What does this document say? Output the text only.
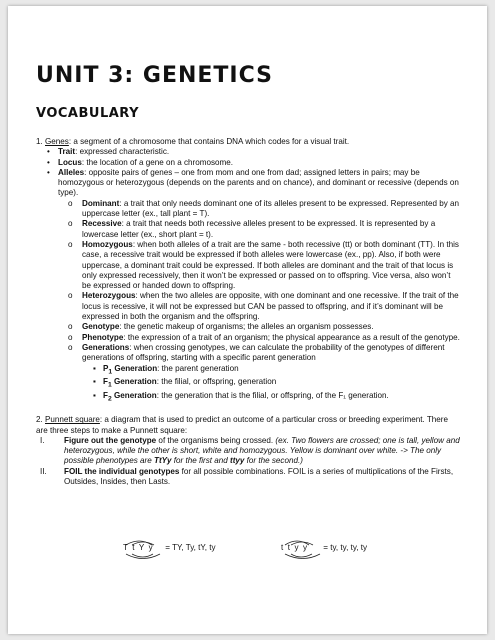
UNIT 3: GENETICS
VOCABULARY

1. Genes: a segment of a chromosome that contains DNA which codes for a visual trait.

• Trait: expressed characteristic.
• Locus: the location of a gene on a chromosome.
• Alleles: opposite pairs of genes – one from mom and one from dad; assigned letters in pairs; may be homozygous or heterozygous (depends on the parents and on chance), and dominant or recessive (depends on type).
o Dominant: a trait that only needs dominant one of its alleles present to be expressed. Represented by an uppercase letter (ex., tall plant = T).
o Recessive: a trait that needs both recessive alleles present to be expressed. It is represented by a lowercase letter (ex., short plant = t).
o Homozygous: when both alleles of a trait are the same - both recessive (tt) or both dominant (TT). In this case, a recessive trait would be expressed if both alleles were lowercase (ex., pp). Also, if both were uppercase, a dominant trait could be expressed. If both alleles are dominant and the trait of that locus is only expressed recessively, then it won’t be expressed or passed on to offspring. Vice versa, also won’t be expressed or handed down to offspring.
o Heterozygous: when the two alleles are opposite, with one dominant and one recessive. If the trait of the locus is recessive, it will not be expressed but CAN be passed to offspring, and if it’s dominant will be expressed in both the organism and the offspring.
o Genotype: the genetic makeup of organisms; the alleles an organism possesses.
o Phenotype: the expression of a trait of an organism; the physical appearance as a result of the genotype.
o Generations: when crossing genotypes, we can calculate the probability of the genotypes of different generations of offspring, starting with a specific parent generation
▪ $P_1$ Generation: the parent generation
▪ $F_1$ Generation: the filial, or offspring, generation
▪ $F_2$ Generation: the generation that is the filial, or offspring, of the F₁ generation.

2. Punnett square: a diagram that is used to predict an outcome of a particular cross or breeding experiment. There are three steps to make a Punnett square:

I. Figure out the genotype of the organisms being crossed. (ex. Two flowers are crossed; one is tall, yellow and heterozygous, while the other is short, white and homozygous. Yellow is dominant over white. -> The only possible phenotypes are TtYy for the first and ttyy for the second.)
II. FOIL the individual genotypes for all possible combinations. FOIL is a series of multiplications of the Firsts, Outsides, Insides, then Lasts.
T  t  Y  y = TY, Ty, tY, ty	t  t  y  y = ty, ty, ty, ty
